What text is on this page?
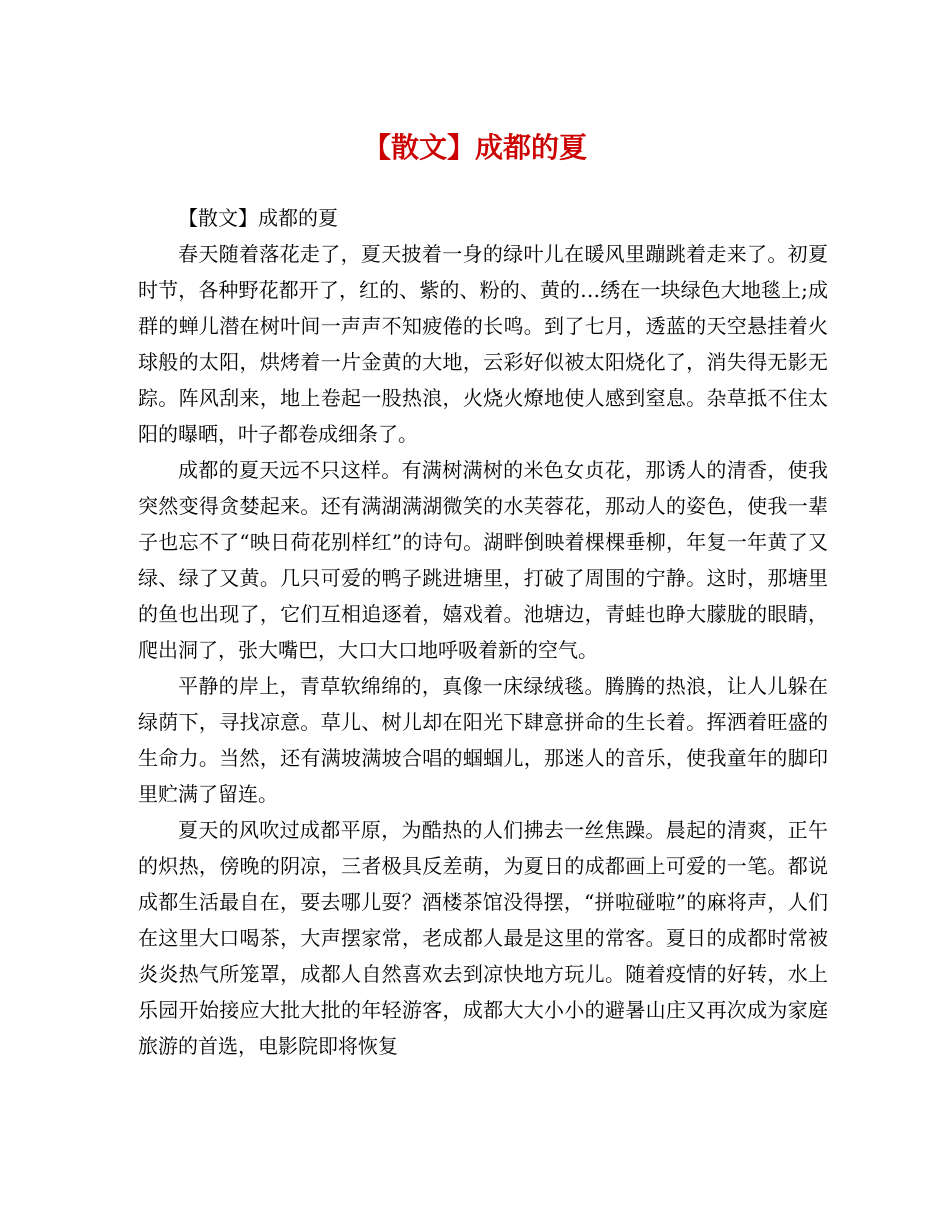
【散文】成都的夏

【散文】成都的夏

春天随着落花走了，夏天披着一身的绿叶儿在暖风里蹦跳着走来了。初夏时节，各种野花都开了，红的、紫的、粉的、黄的…绣在一块绿色大地毯上;成群的蝉儿潜在树叶间一声声不知疲倦的长鸣。到了七月，透蓝的天空悬挂着火球般的太阳，烘烤着一片金黄的大地，云彩好似被太阳烧化了，消失得无影无踪。阵风刮来，地上卷起一股热浪，火烧火燎地使人感到窒息。杂草抵不住太阳的曝晒，叶子都卷成细条了。

成都的夏天远不只这样。有满树满树的米色女贞花，那诱人的清香，使我突然变得贪婪起来。还有满湖满湖微笑的水芙蓉花，那动人的姿色，使我一辈子也忘不了“映日荷花别样红”的诗句。湖畔倒映着棵棵垂柳，年复一年黄了又绿、绿了又黄。几只可爱的鸭子跳进塘里，打破了周围的宁静。这时，那塘里的鱼也出现了，它们互相追逐着，嬉戏着。池塘边，青蛙也睁大朦胧的眼睛，爬出洞了，张大嘴巴，大口大口地呼吸着新的空气。

平静的岸上，青草软绵绵的，真像一床绿绒毯。腾腾的热浪，让人儿躲在绿荫下，寻找凉意。草儿、树儿却在阳光下肆意拼命的生长着。挥洒着旺盛的生命力。当然，还有满坡满坡合唱的蝈蝈儿，那迷人的音乐，使我童年的脚印里贮满了留连。

夏天的风吹过成都平原，为酷热的人们拂去一丝焦躁。晨起的清爽，正午的炽热，傍晚的阴凉，三者极具反差萌，为夏日的成都画上可爱的一笔。都说成都生活最自在，要去哪儿耍？酒楼茶馆没得摆，“拼啦碰啦”的麻将声，人们在这里大口喝茶，大声摆家常，老成都人最是这里的常客。夏日的成都时常被炎炎热气所笼罩，成都人自然喜欢去到凉快地方玩儿。随着疫情的好转，水上乐园开始接应大批大批的年轻游客，成都大大小小的避暑山庄又再次成为家庭旅游的首选，电影院即将恢复
